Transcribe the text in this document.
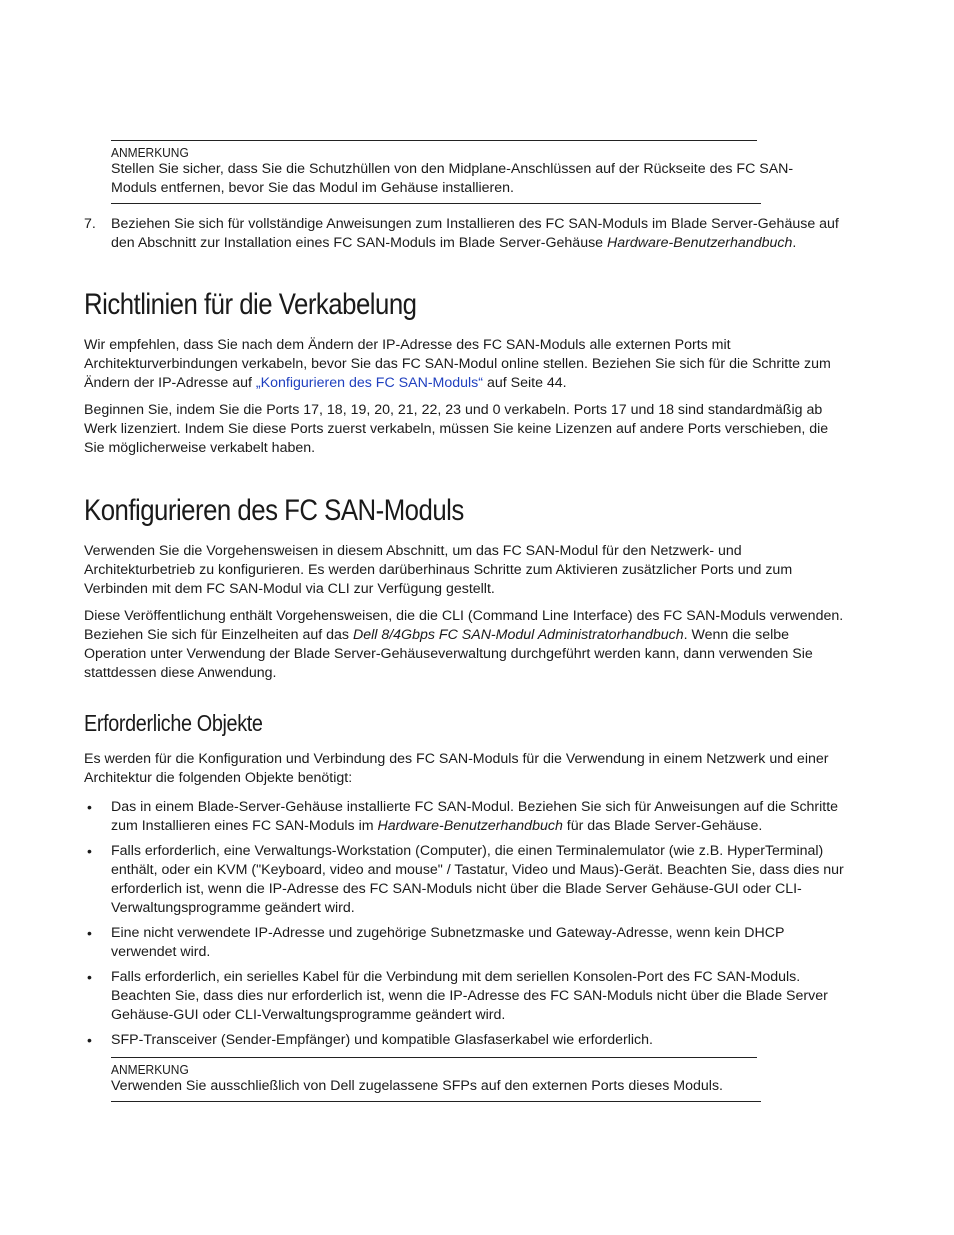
ANMERKUNG

Stellen Sie sicher, dass Sie die Schutzhüllen von den Midplane-Anschlüssen auf der Rückseite des FC SAN-Moduls entfernen, bevor Sie das Modul im Gehäuse installieren.

7. Beziehen Sie sich für vollständige Anweisungen zum Installieren des FC SAN-Moduls im Blade Server-Gehäuse auf den Abschnitt zur Installation eines FC SAN-Moduls im Blade Server-Gehäuse Hardware-Benutzerhandbuch.

Richtlinien für die Verkabelung

Wir empfehlen, dass Sie nach dem Ändern der IP-Adresse des FC SAN-Moduls alle externen Ports mit Architekturverbindungen verkabeln, bevor Sie das FC SAN-Modul online stellen. Beziehen Sie sich für die Schritte zum Ändern der IP-Adresse auf „Konfigurieren des FC SAN-Moduls“ auf Seite 44.

Beginnen Sie, indem Sie die Ports 17, 18, 19, 20, 21, 22, 23 und 0 verkabeln. Ports 17 und 18 sind standardmäßig ab Werk lizenziert. Indem Sie diese Ports zuerst verkabeln, müssen Sie keine Lizenzen auf andere Ports verschieben, die Sie möglicherweise verkabelt haben.

Konfigurieren des FC SAN-Moduls

Verwenden Sie die Vorgehensweisen in diesem Abschnitt, um das FC SAN-Modul für den Netzwerk- und Architekturbetrieb zu konfigurieren. Es werden darüberhinaus Schritte zum Aktivieren zusätzlicher Ports und zum Verbinden mit dem FC SAN-Modul via CLI zur Verfügung gestellt.

Diese Veröffentlichung enthält Vorgehensweisen, die die CLI (Command Line Interface) des FC SAN-Moduls verwenden. Beziehen Sie sich für Einzelheiten auf das Dell 8/4Gbps FC SAN-Modul Administratorhandbuch. Wenn die selbe Operation unter Verwendung der Blade Server-Gehäuseverwaltung durchgeführt werden kann, dann verwenden Sie stattdessen diese Anwendung.

Erforderliche Objekte

Es werden für die Konfiguration und Verbindung des FC SAN-Moduls für die Verwendung in einem Netzwerk und einer Architektur die folgenden Objekte benötigt:

• Das in einem Blade-Server-Gehäuse installierte FC SAN-Modul. Beziehen Sie sich für Anweisungen auf die Schritte zum Installieren eines FC SAN-Moduls im Hardware-Benutzerhandbuch für das Blade Server-Gehäuse.
• Falls erforderlich, eine Verwaltungs-Workstation (Computer), die einen Terminalemulator (wie z.B. HyperTerminal) enthält, oder ein KVM ("Keyboard, video and mouse" / Tastatur, Video und Maus)-Gerät. Beachten Sie, dass dies nur erforderlich ist, wenn die IP-Adresse des FC SAN-Moduls nicht über die Blade Server Gehäuse-GUI oder CLI-Verwaltungsprogramme geändert wird.
• Eine nicht verwendete IP-Adresse und zugehörige Subnetzmaske und Gateway-Adresse, wenn kein DHCP verwendet wird.
• Falls erforderlich, ein serielles Kabel für die Verbindung mit dem seriellen Konsolen-Port des FC SAN-Moduls. Beachten Sie, dass dies nur erforderlich ist, wenn die IP-Adresse des FC SAN-Moduls nicht über die Blade Server Gehäuse-GUI oder CLI-Verwaltungsprogramme geändert wird.
• SFP-Transceiver (Sender-Empfänger) und kompatible Glasfaserkabel wie erforderlich.
ANMERKUNG

Verwenden Sie ausschließlich von Dell zugelassene SFPs auf den externen Ports dieses Moduls.
